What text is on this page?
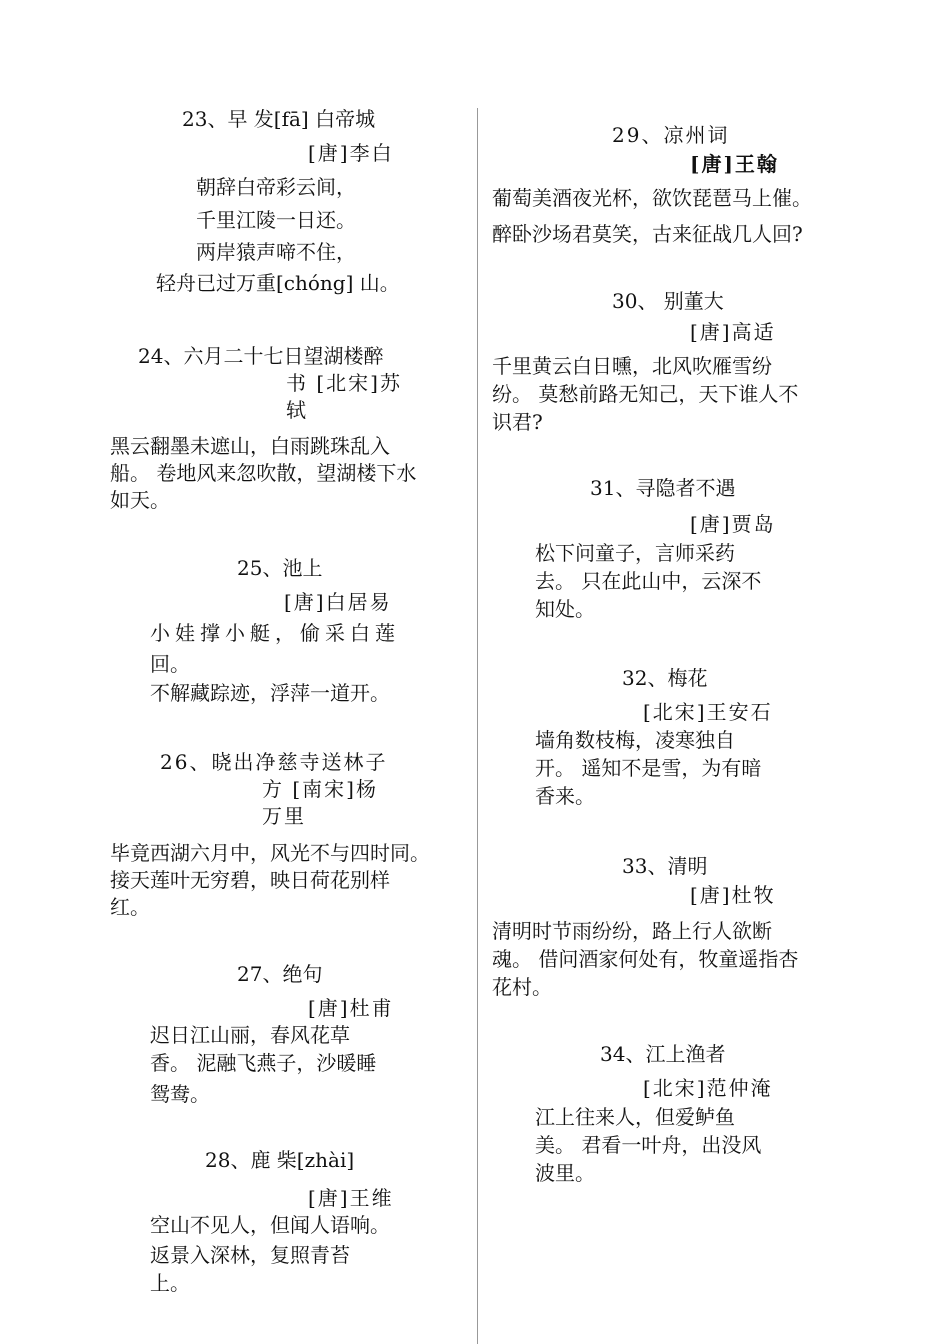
23、早 发[fā] 白帝城
[唐]李白
朝辞白帝彩云间，
千里江陵一日还。
两岸猿声啼不住，
轻舟已过万重[chóng] 山。
24、六月二十七日望湖楼醉
书 [北宋]苏
轼
黑云翻墨未遮山，白雨跳珠乱入
船。 卷地风来忽吹散，望湖楼下水
如天。
25、池上
[唐]白居易
小娃撑小艇，偷采白莲
回。
不解藏踪迹，浮萍一道开。
26、晓出净慈寺送林子
方 [南宋]杨
万里
毕竟西湖六月中，风光不与四时同。
接天莲叶无穷碧，映日荷花别样
红。
27、绝句
[唐]杜甫
迟日江山丽，春风花草
香。 泥融飞燕子，沙暖睡
鸳鸯。
28、鹿 柴[zhài]
[唐]王维
空山不见人，但闻人语响。
返景入深林，复照青苔
上。
29、凉州词
[唐]王翰
葡萄美酒夜光杯，欲饮琵琶马上催。
醉卧沙场君莫笑，古来征战几人回?
30、 别董大
[唐]高适
千里黄云白日曛，北风吹雁雪纷
纷。 莫愁前路无知己，天下谁人不
识君?
31、寻隐者不遇
[唐]贾岛
松下问童子，言师采药
去。 只在此山中，云深不
知处。
32、梅花
[北宋]王安石
墙角数枝梅，凌寒独自
开。 遥知不是雪，为有暗
香来。
33、清明
[唐]杜牧
清明时节雨纷纷，路上行人欲断
魂。 借问酒家何处有，牧童遥指杏
花村。
34、江上渔者
[北宋]范仲淹
江上往来人，但爱鲈鱼
美。 君看一叶舟，出没风
波里。
